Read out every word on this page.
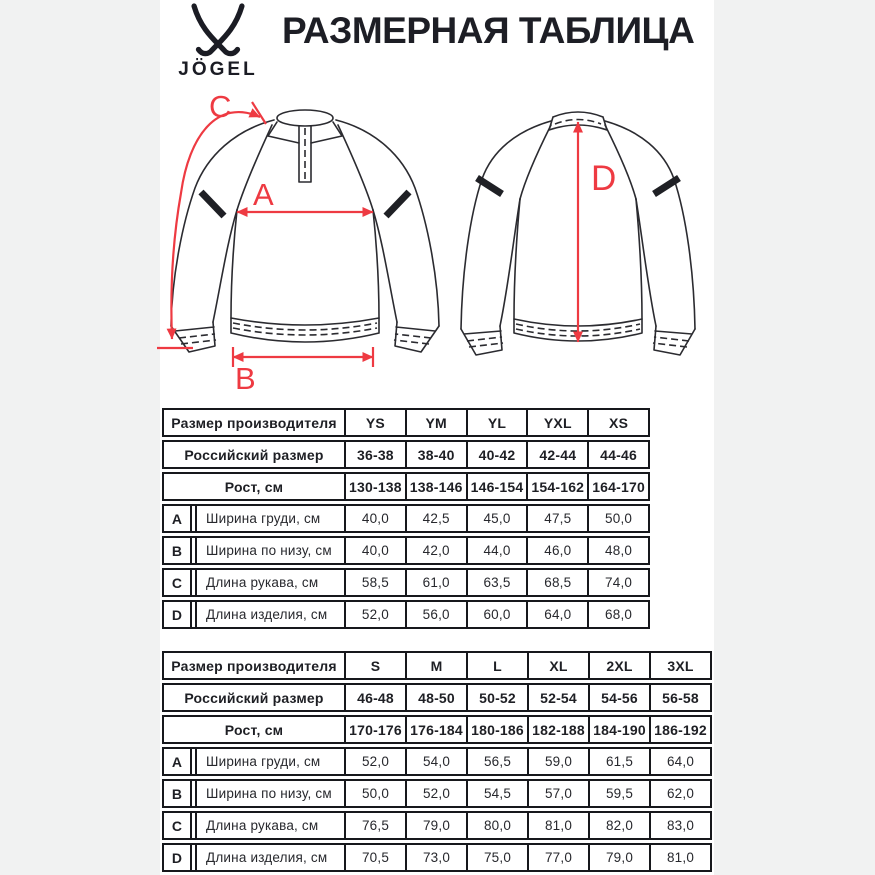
JÖGEL
РАЗМЕРНАЯ ТАБЛИЦА
A
B
C
D
Размер производителя	YS	YM	YL	YXL	XS
Российский размер	36-38	38-40	40-42	42-44	44-46
Рост, см	130-138 138-146 146-154 154-162 164-170
A	Ширина груди, см	40,0	42,5	45,0	47,5	50,0
B	Ширина по низу, см	40,0	42,0	44,0	46,0	48,0
C	Длина рукава, см	58,5	61,0	63,5	68,5	74,0
D	Длина изделия, см	52,0	56,0	60,0	64,0	68,0
Размер производителя	S	M	L	XL	2XL	3XL
Российский размер	46-48	48-50	50-52	52-54	54-56	56-58
Рост, см	170-176 176-184 180-186 182-188 184-190 186-192
A	Ширина груди, см	52,0	54,0	56,5	59,0	61,5	64,0
B	Ширина по низу, см	50,0	52,0	54,5	57,0	59,5	62,0
C	Длина рукава, см	76,5	79,0	80,0	81,0	82,0	83,0
D	Длина изделия, см	70,5	73,0	75,0	77,0	79,0	81,0
